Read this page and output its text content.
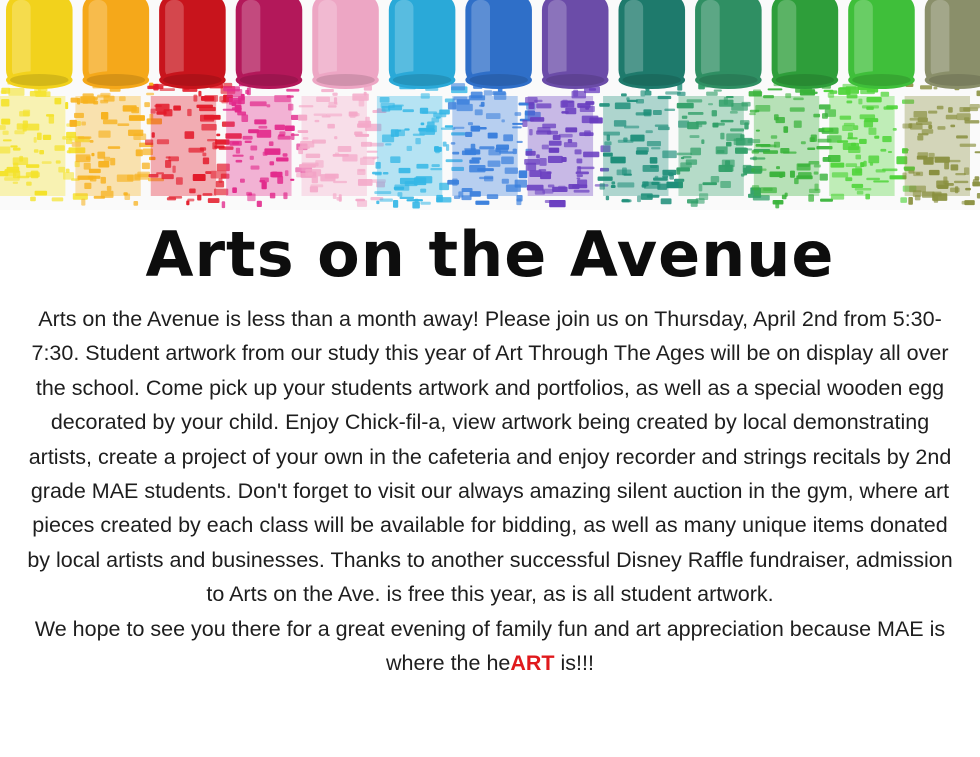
Arts on the Avenue

Arts on the Avenue is less than a month away! Please join us on Thursday, April 2nd from 5:30-7:30. Student artwork from our study this year of Art Through The Ages will be on display all over the school. Come pick up your students artwork and portfolios, as well as a special wooden egg decorated by your child. Enjoy Chick-fil-a, view artwork being created by local demonstrating artists, create a project of your own in the cafeteria and enjoy recorder and strings recitals by 2nd grade MAE students. Don't forget to visit our always amazing silent auction in the gym, where art pieces created by each class will be available for bidding, as well as many unique items donated by local artists and businesses. Thanks to another successful Disney Raffle fundraiser, admission to Arts on the Ave. is free this year, as is all student artwork.

We hope to see you there for a great evening of family fun and art appreciation because MAE is where the heART is!!!
